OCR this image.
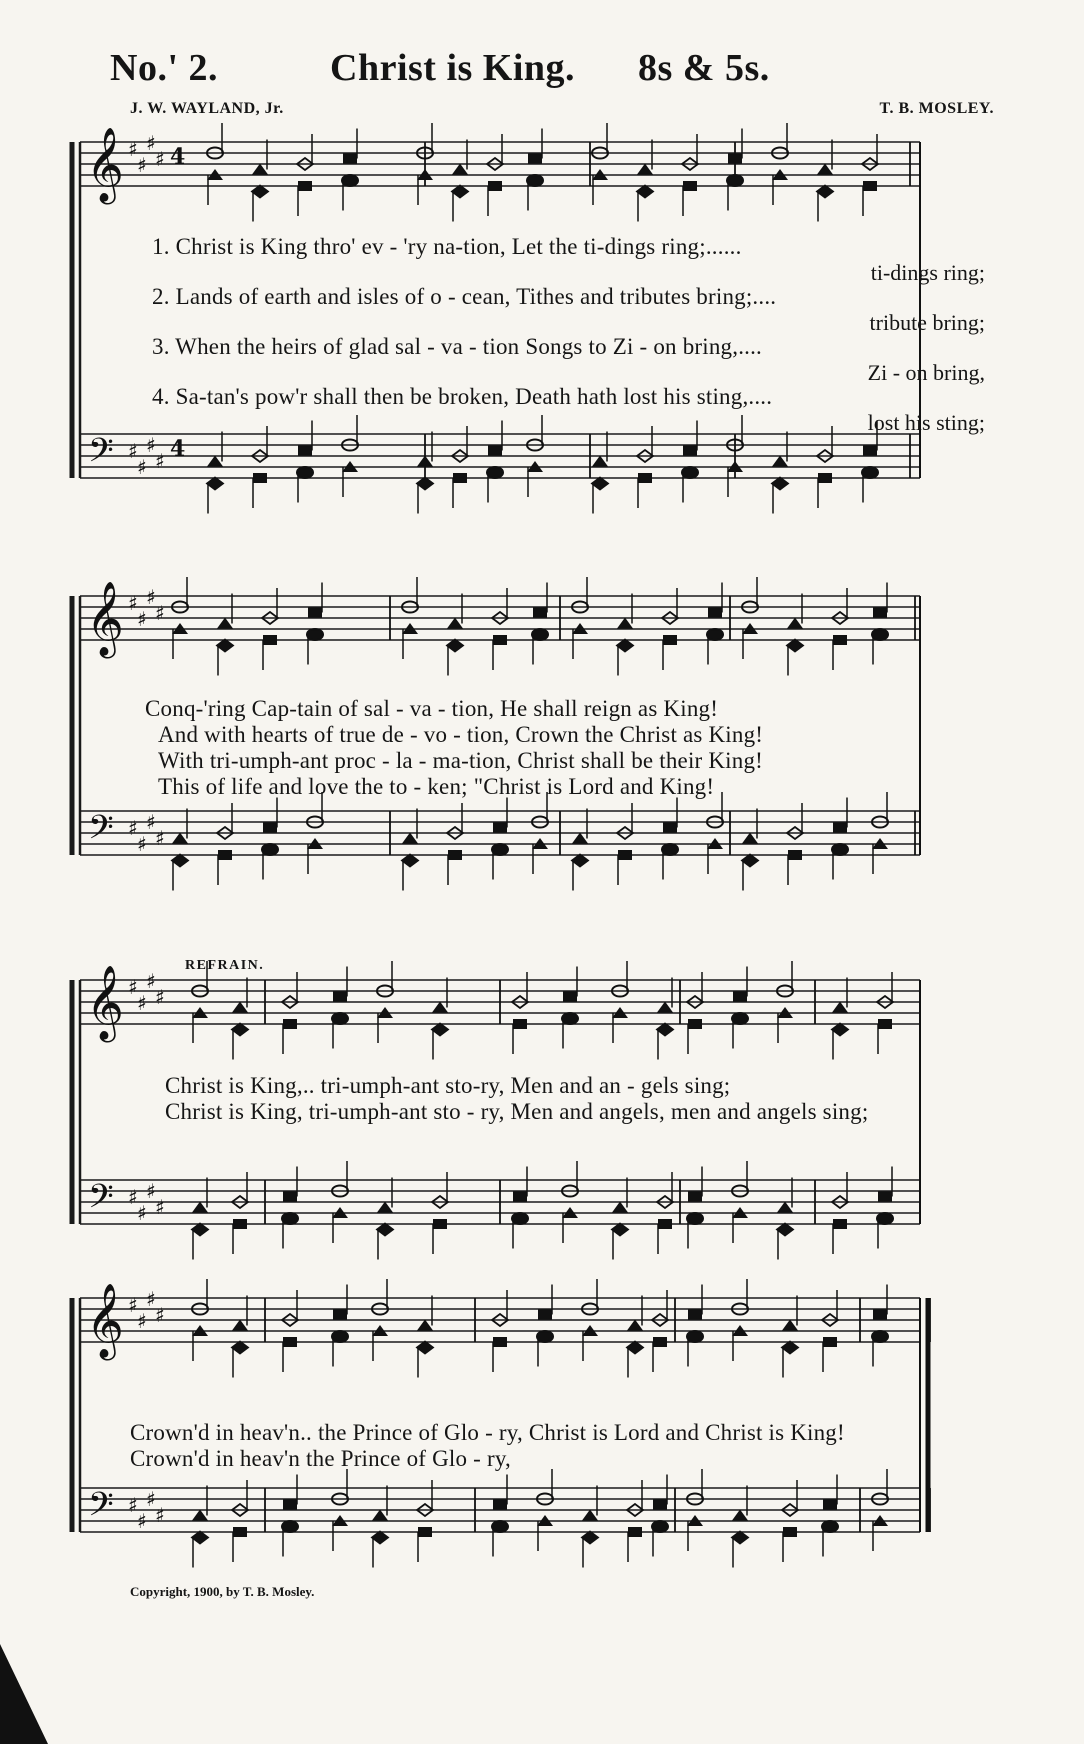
No.' 2.	Christ is King. 8s & 5s.
J. W. WAYLAND, Jr.	T. B. MOSLEY.
𝄞
𝄢
♯
♯
♯
♯
♯
♯
♯
♯
4
4
1. Christ is King thro' ev - 'ry na-tion, Let the ti-dings ring;......
ti-dings ring;
2. Lands of earth and isles of o - cean, Tithes and tributes bring;....
tribute bring;
3. When the heirs of glad sal - va - tion Songs to Zi - on bring,....
Zi - on bring,
4. Sa-tan's pow'r shall then be broken, Death hath lost his sting,....
lost his sting;
𝄞
𝄢
♯
♯
♯
♯
♯
♯
♯
♯
Conq-'ring Cap-tain of sal - va - tion, He shall reign as King!
And with hearts of true de - vo - tion, Crown the Christ as King!
With tri-umph-ant proc - la - ma-tion, Christ shall be their King!
This of life and love the to - ken; "Christ is Lord and King!
REFRAIN.
𝄞
𝄢
♯
♯
♯
♯
♯
♯
♯
♯
Christ is King,.. tri-umph-ant sto-ry, Men and an - gels sing;
Christ is King, tri-umph-ant sto - ry, Men and angels, men and angels sing;
𝄞
𝄢
♯
♯
♯
♯
♯
♯
♯
♯
Crown'd in heav'n.. the Prince of Glo - ry, Christ is Lord and Christ is King!
Crown'd in heav'n the Prince of Glo - ry,
Copyright, 1900, by T. B. Mosley.
